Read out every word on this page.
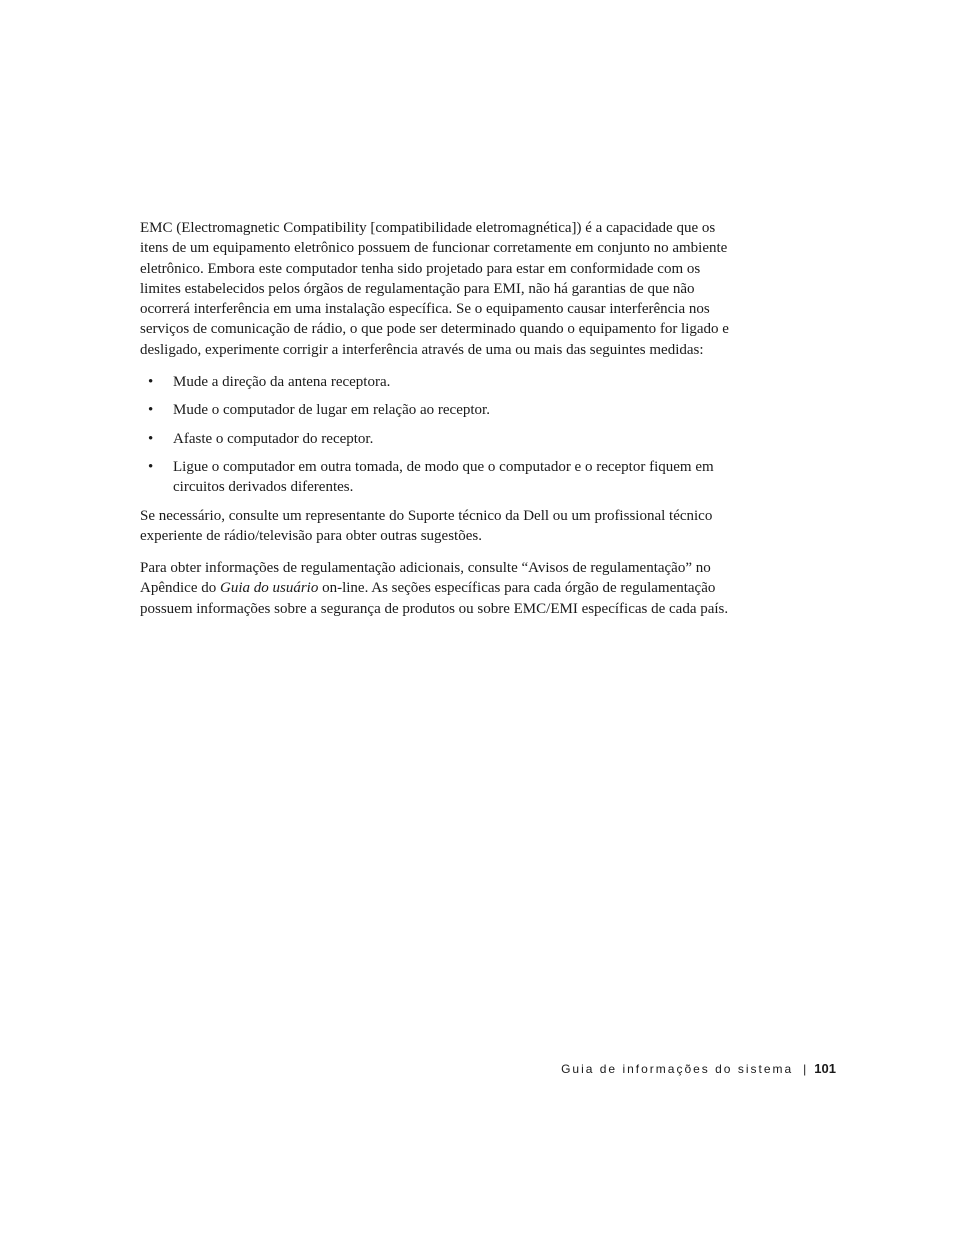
EMC (Electromagnetic Compatibility [compatibilidade eletromagnética]) é a capacidade que os itens de um equipamento eletrônico possuem de funcionar corretamente em conjunto no ambiente eletrônico. Embora este computador tenha sido projetado para estar em conformidade com os limites estabelecidos pelos órgãos de regulamentação para EMI, não há garantias de que não ocorrerá interferência em uma instalação específica. Se o equipamento causar interferência nos serviços de comunicação de rádio, o que pode ser determinado quando o equipamento for ligado e desligado, experimente corrigir a interferência através de uma ou mais das seguintes medidas:

• Mude a direção da antena receptora.
• Mude o computador de lugar em relação ao receptor.
• Afaste o computador do receptor.
• Ligue o computador em outra tomada, de modo que o computador e o receptor fiquem em circuitos derivados diferentes.

Se necessário, consulte um representante do Suporte técnico da Dell ou um profissional técnico experiente de rádio/televisão para obter outras sugestões.

Para obter informações de regulamentação adicionais, consulte “Avisos de regulamentação” no Apêndice do Guia do usuário on-line. As seções específicas para cada órgão de regulamentação possuem informações sobre a segurança de produtos ou sobre EMC/EMI específicas de cada país.

Guia de informações do sistema | 101
